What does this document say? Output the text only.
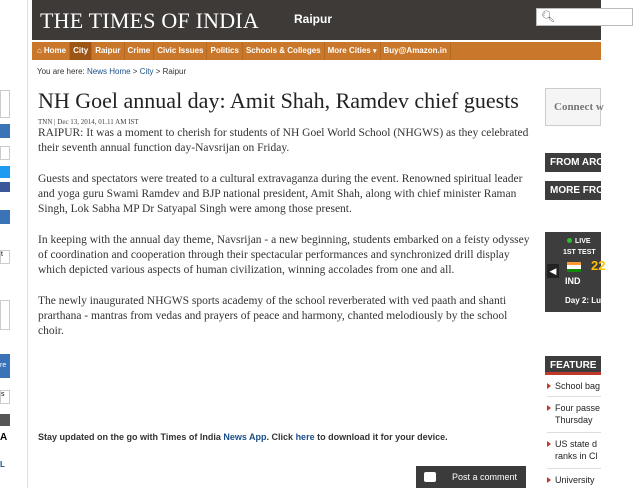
t
re
s
A
L
THE TIMES OF INDIA	Raipur	🔍︎
⌂ Home City Raipur Crime Civic Issues Politics Schools & Colleges More Cities ▾ Buy@Amazon.in
You are here: News Home > City > Raipur
NH Goel annual day: Amit Shah, Ramdev chief guests
TNN | Dec 13, 2014, 01.11 AM IST

RAIPUR: It was a moment to cherish for students of NH Goel World School (NHGWS) as they celebrated their seventh annual function day-Navsrijan on Friday.

Guests and spectators were treated to a cultural extravaganza during the event. Renowned spiritual leader and yoga guru Swami Ramdev and BJP national president, Amit Shah, along with chief minister Raman Singh, Lok Sabha MP Dr Satyapal Singh were among those present.

In keeping with the annual day theme, Navsrijan - a new beginning, students embarked on a feisty odyssey of coordination and cooperation through their spectacular performances and synchronized drill display which depicted various aspects of human civilization, winning accolades from one and all.

The newly inaugurated NHGWS sports academy of the school reverberated with ved paath and shanti prarthana - mantras from vedas and prayers of peace and harmony, chanted melodiously by the school choir.

Stay updated on the go with Times of India News App. Click here to download it for your device.
Post a comment
Connect w
FROM ARO
MORE FRO
◀
LIVE
1ST TEST
22
IND
Day 2: Lu
FEATURE
School bag
Four passe
Thursday
US state d
ranks in Cl
University
